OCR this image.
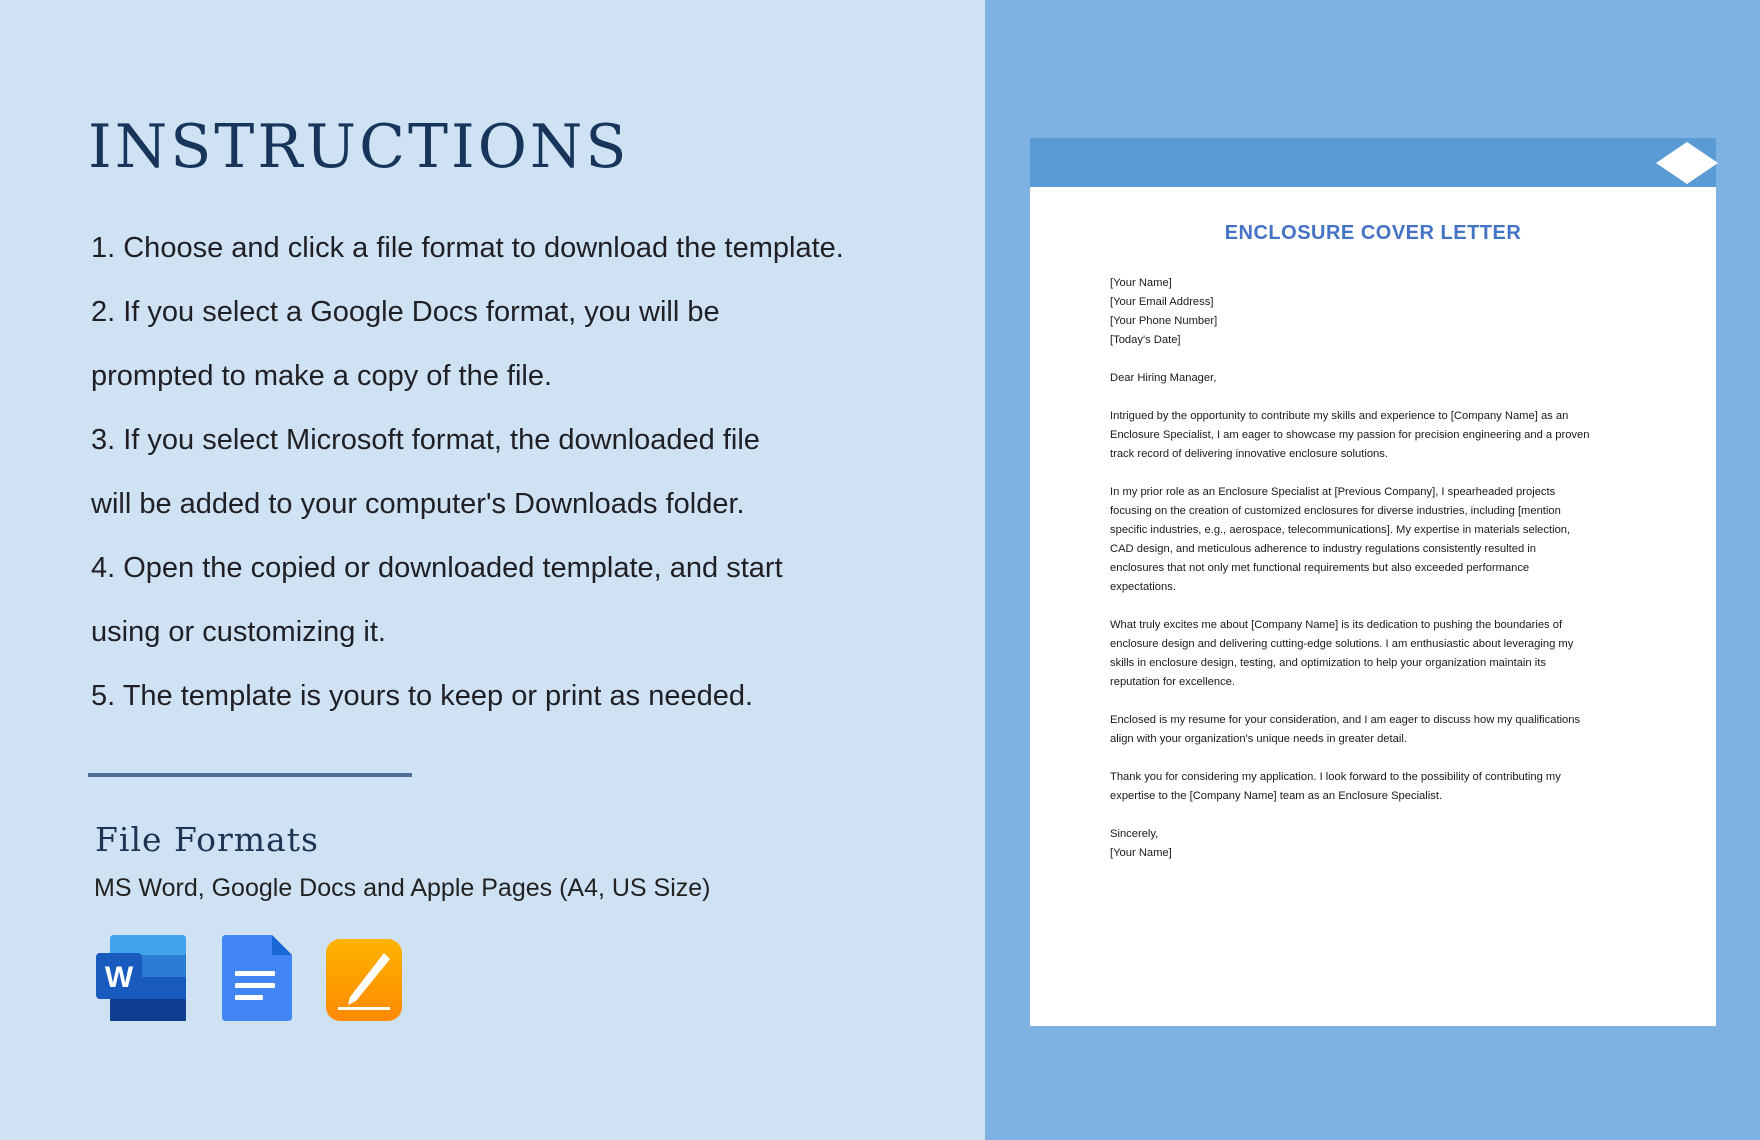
INSTRUCTIONS
1. Choose and click a file format to download the template.
2. If you select a Google Docs format, you will be
prompted to make a copy of the file.
3. If you select Microsoft format, the downloaded file
will be added to your computer's Downloads folder.
4. Open the copied or downloaded template, and start
using or customizing it.
5. The template is yours to keep or print as needed.
File Formats
MS Word, Google Docs and Apple Pages (A4, US Size)
W
ENCLOSURE COVER LETTER
[Your Name]
[Your Email Address]
[Your Phone Number]
[Today's Date]
Dear Hiring Manager,
Intrigued by the opportunity to contribute my skills and experience to [Company Name] as an
Enclosure Specialist, I am eager to showcase my passion for precision engineering and a proven
track record of delivering innovative enclosure solutions.
In my prior role as an Enclosure Specialist at [Previous Company], I spearheaded projects
focusing on the creation of customized enclosures for diverse industries, including [mention
specific industries, e.g., aerospace, telecommunications]. My expertise in materials selection,
CAD design, and meticulous adherence to industry regulations consistently resulted in
enclosures that not only met functional requirements but also exceeded performance
expectations.
What truly excites me about [Company Name] is its dedication to pushing the boundaries of
enclosure design and delivering cutting-edge solutions. I am enthusiastic about leveraging my
skills in enclosure design, testing, and optimization to help your organization maintain its
reputation for excellence.
Enclosed is my resume for your consideration, and I am eager to discuss how my qualifications
align with your organization's unique needs in greater detail.
Thank you for considering my application. I look forward to the possibility of contributing my
expertise to the [Company Name] team as an Enclosure Specialist.
Sincerely,
[Your Name]
